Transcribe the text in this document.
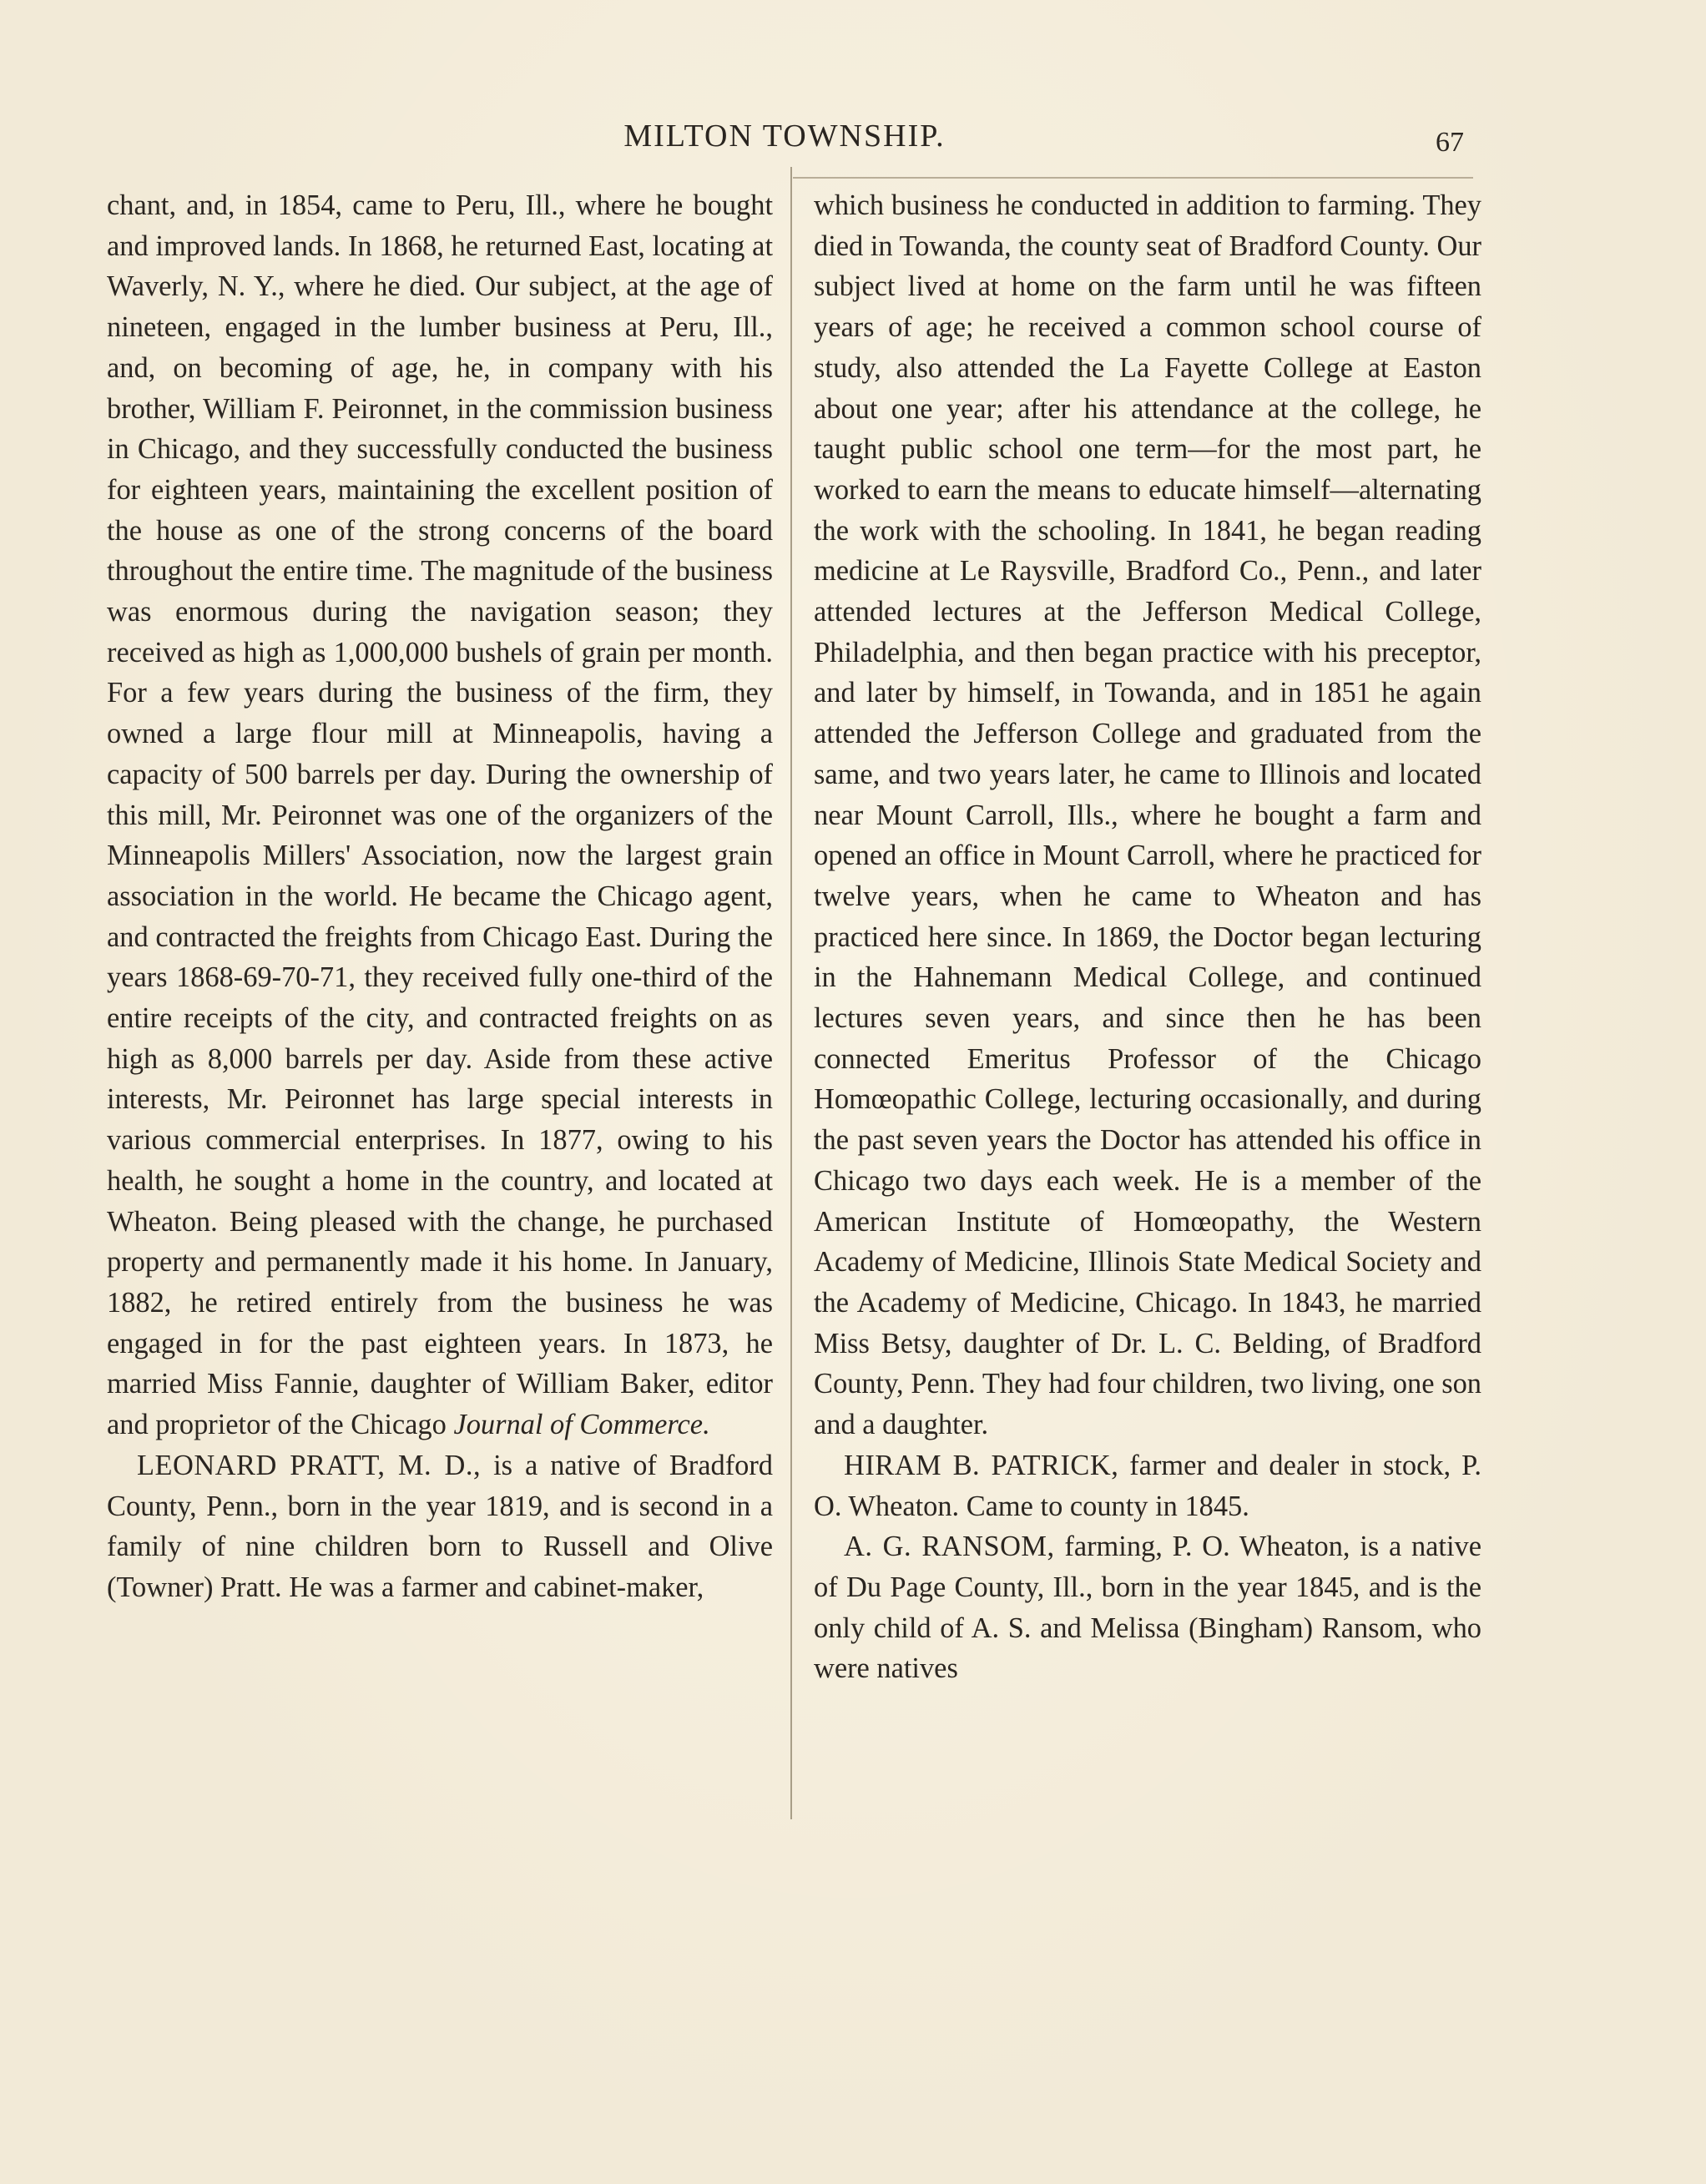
MILTON TOWNSHIP.	67

chant, and, in 1854, came to Peru, Ill., where he bought and improved lands. In 1868, he returned East, locating at Waverly, N. Y., where he died. Our subject, at the age of nineteen, engaged in the lumber business at Peru, Ill., and, on becoming of age, he, in company with his brother, William F. Peironnet, in the commission business in Chicago, and they successfully conducted the business for eighteen years, maintaining the excellent position of the house as one of the strong concerns of the board throughout the entire time. The magnitude of the business was enormous during the navigation season; they received as high as 1,000,000 bushels of grain per month. For a few years during the business of the firm, they owned a large flour mill at Minneapolis, having a capacity of 500 barrels per day. During the ownership of this mill, Mr. Peironnet was one of the organizers of the Minneapolis Millers' Association, now the largest grain association in the world. He became the Chicago agent, and contracted the freights from Chicago East. During the years 1868-69-70-71, they received fully one-third of the entire receipts of the city, and contracted freights on as high as 8,000 barrels per day. Aside from these active interests, Mr. Peironnet has large special interests in various commercial enterprises. In 1877, owing to his health, he sought a home in the country, and located at Wheaton. Being pleased with the change, he purchased property and permanently made it his home. In January, 1882, he retired entirely from the business he was engaged in for the past eighteen years. In 1873, he married Miss Fannie, daughter of William Baker, editor and proprietor of the Chicago Journal of Commerce.

LEONARD PRATT, M. D., is a native of Bradford County, Penn., born in the year 1819, and is second in a family of nine children born to Russell and Olive (Towner) Pratt. He was a farmer and cabinet-maker,

which business he conducted in addition to farming. They died in Towanda, the county seat of Bradford County. Our subject lived at home on the farm until he was fifteen years of age; he received a common school course of study, also attended the La Fayette College at Easton about one year; after his attendance at the college, he taught public school one term—for the most part, he worked to earn the means to educate himself—alternating the work with the schooling. In 1841, he began reading medicine at Le Raysville, Bradford Co., Penn., and later attended lectures at the Jefferson Medical College, Philadelphia, and then began practice with his preceptor, and later by himself, in Towanda, and in 1851 he again attended the Jefferson College and graduated from the same, and two years later, he came to Illinois and located near Mount Carroll, Ills., where he bought a farm and opened an office in Mount Carroll, where he practiced for twelve years, when he came to Wheaton and has practiced here since. In 1869, the Doctor began lecturing in the Hahnemann Medical College, and continued lectures seven years, and since then he has been connected Emeritus Professor of the Chicago Homœopathic College, lecturing occasionally, and during the past seven years the Doctor has attended his office in Chicago two days each week. He is a member of the American Institute of Homœopathy, the Western Academy of Medicine, Illinois State Medical Society and the Academy of Medicine, Chicago. In 1843, he married Miss Betsy, daughter of Dr. L. C. Belding, of Bradford County, Penn. They had four children, two living, one son and a daughter.

HIRAM B. PATRICK, farmer and dealer in stock, P. O. Wheaton. Came to county in 1845.

A. G. RANSOM, farming, P. O. Wheaton, is a native of Du Page County, Ill., born in the year 1845, and is the only child of A. S. and Melissa (Bingham) Ransom, who were natives
